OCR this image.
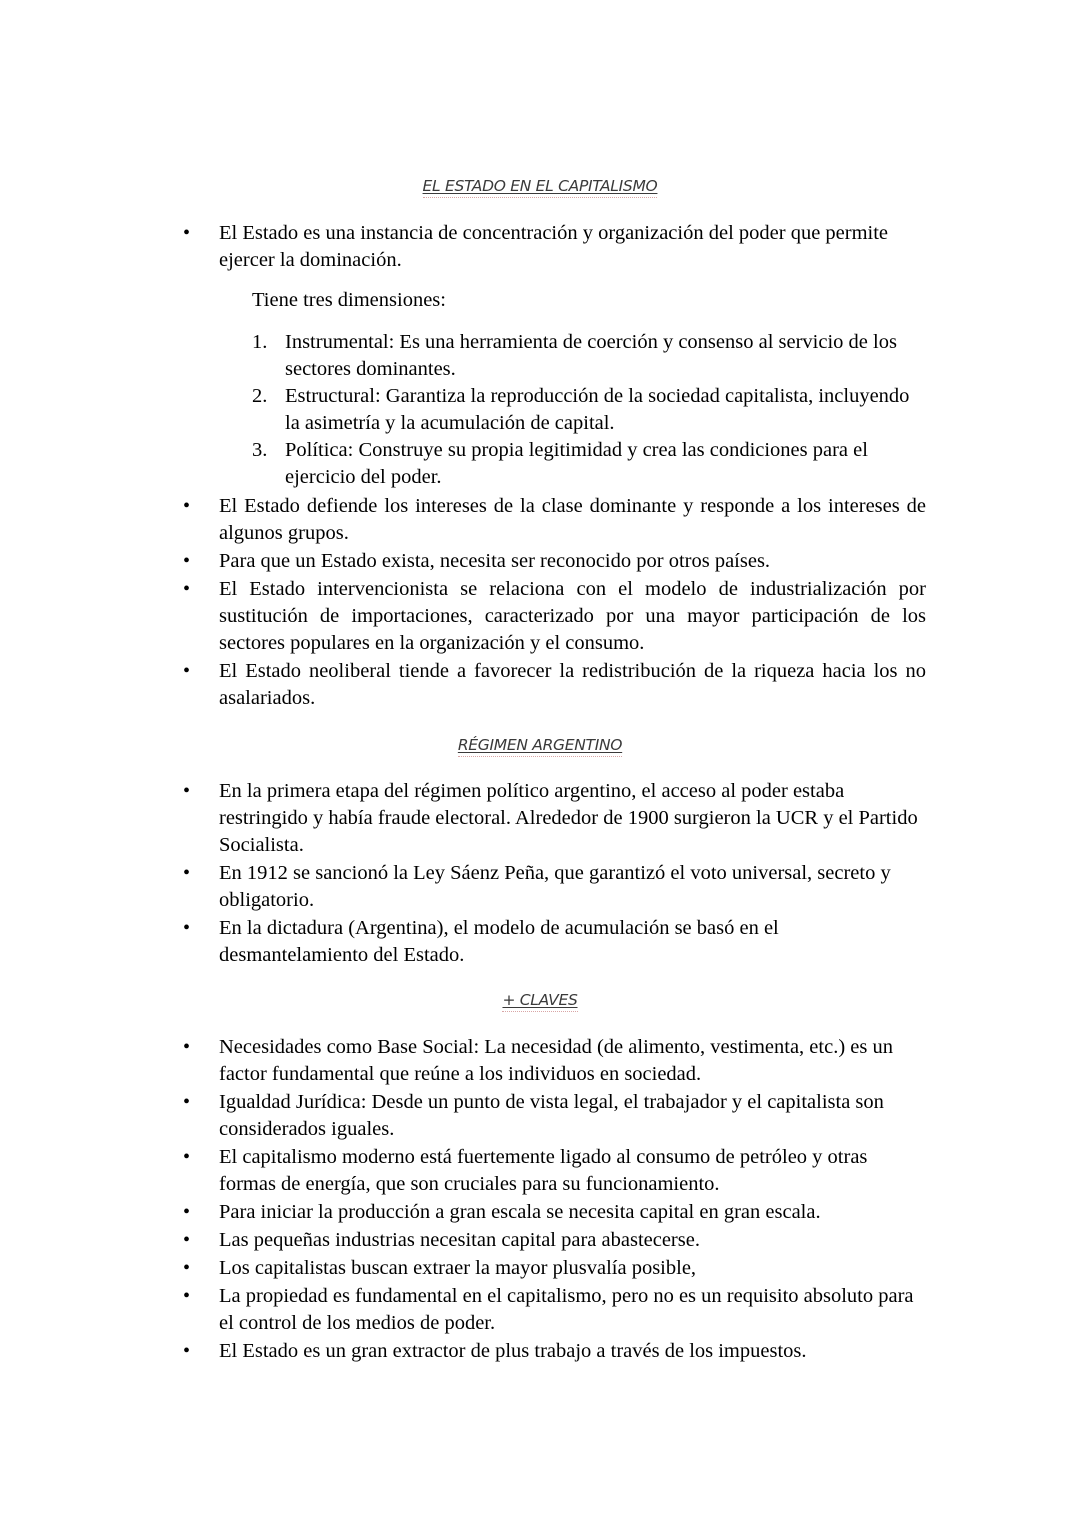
EL ESTADO EN EL CAPITALISMO
• El Estado es una instancia de concentración y organización del poder que permite ejercer la dominación.
Tiene tres dimensiones:
1. Instrumental: Es una herramienta de coerción y consenso al servicio de los sectores dominantes.
2. Estructural: Garantiza la reproducción de la sociedad capitalista, incluyendo la asimetría y la acumulación de capital.
3. Política: Construye su propia legitimidad y crea las condiciones para el ejercicio del poder.
• El Estado defiende los intereses de la clase dominante y responde a los intereses de algunos grupos.
• Para que un Estado exista, necesita ser reconocido por otros países.
• El Estado intervencionista se relaciona con el modelo de industrialización por sustitución de importaciones, caracterizado por una mayor participación de los sectores populares en la organización y el consumo.
• El Estado neoliberal tiende a favorecer la redistribución de la riqueza hacia los no asalariados.
RÉGIMEN ARGENTINO
• En la primera etapa del régimen político argentino, el acceso al poder estaba restringido y había fraude electoral. Alrededor de 1900 surgieron la UCR y el Partido Socialista.
• En 1912 se sancionó la Ley Sáenz Peña, que garantizó el voto universal, secreto y obligatorio.
• En la dictadura (Argentina), el modelo de acumulación se basó en el desmantelamiento del Estado.
+ CLAVES
• Necesidades como Base Social: La necesidad (de alimento, vestimenta, etc.) es un factor fundamental que reúne a los individuos en sociedad.
• Igualdad Jurídica: Desde un punto de vista legal, el trabajador y el capitalista son considerados iguales.
• El capitalismo moderno está fuertemente ligado al consumo de petróleo y otras formas de energía, que son cruciales para su funcionamiento.
• Para iniciar la producción a gran escala se necesita capital en gran escala.
• Las pequeñas industrias necesitan capital para abastecerse.
• Los capitalistas buscan extraer la mayor plusvalía posible,
• La propiedad es fundamental en el capitalismo, pero no es un requisito absoluto para el control de los medios de poder.
• El Estado es un gran extractor de plus trabajo a través de los impuestos.
